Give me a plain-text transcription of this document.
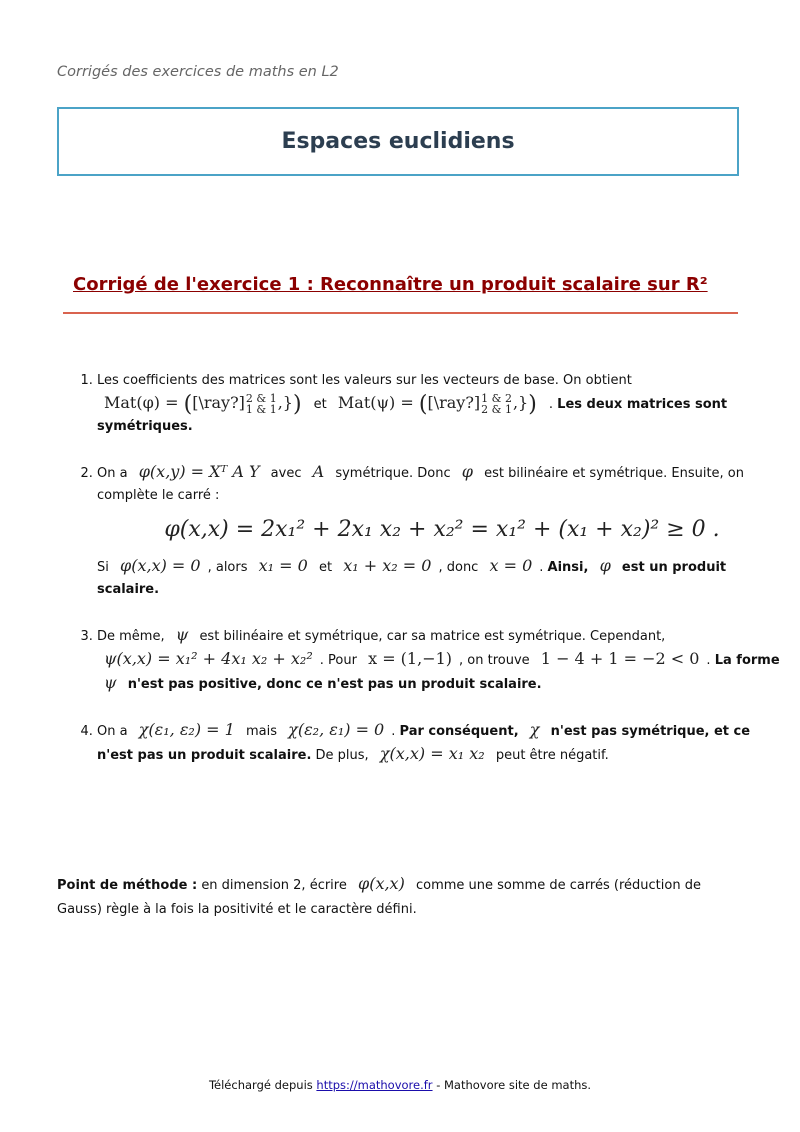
Corrigés des exercices de maths en L2
Espaces euclidiens
Corrigé de l'exercice 1 : Reconnaître un produit scalaire sur R²
1. Les coefficients des matrices sont les valeurs sur les vecteurs de base. On obtient
Mat(φ) = ([\ray?]2 & 1
1 & 1,}) et Mat(ψ) = ([\ray?]1 & 2
2 & 1,}) . Les deux matrices sont symétriques.
2. On a φ(x,y) = Xᵀ A Y avec A symétrique. Donc φ est bilinéaire et symétrique. Ensuite, on complète le carré :
φ(x,x) = 2x₁² + 2x₁ x₂ + x₂² = x₁² + (x₁ + x₂)² ≥ 0 .
Si φ(x,x) = 0 , alors x₁ = 0 et x₁ + x₂ = 0 , donc x = 0 . Ainsi, φ est un produit scalaire.
3. De même, ψ est bilinéaire et symétrique, car sa matrice est symétrique. Cependant, ψ(x,x) = x₁² + 4x₁ x₂ + x₂² . Pour x = (1,−1) , on trouve 1 − 4 + 1 = −2 < 0 . La forme ψ n'est pas positive, donc ce n'est pas un produit scalaire.
4. On a χ(ε₁, ε₂) = 1 mais χ(ε₂, ε₁) = 0 . Par conséquent, χ n'est pas symétrique, et ce n'est pas un produit scalaire. De plus, χ(x,x) = x₁ x₂ peut être négatif.

Point de méthode : en dimension 2, écrire φ(x,x) comme une somme de carrés (réduction de Gauss) règle à la fois la positivité et le caractère défini.

Téléchargé depuis https://mathovore.fr - Mathovore site de maths.
